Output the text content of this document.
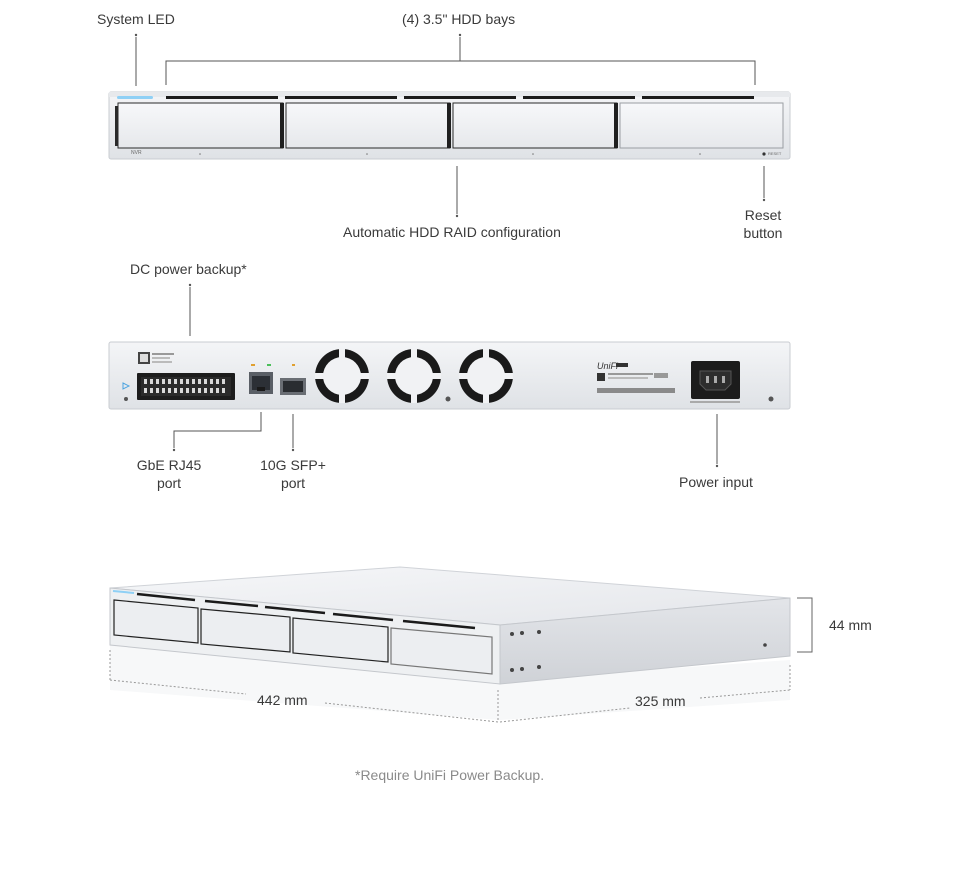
System LED	(4) 3.5" HDD bays
Automatic HDD RAID configuration
Reset
button
NVR	RESET
DC power backup*
GbE RJ45
port
10G SFP+
port	Power input
UniFi
442 mm	325 mm
44 mm
*Require UniFi Power Backup.
